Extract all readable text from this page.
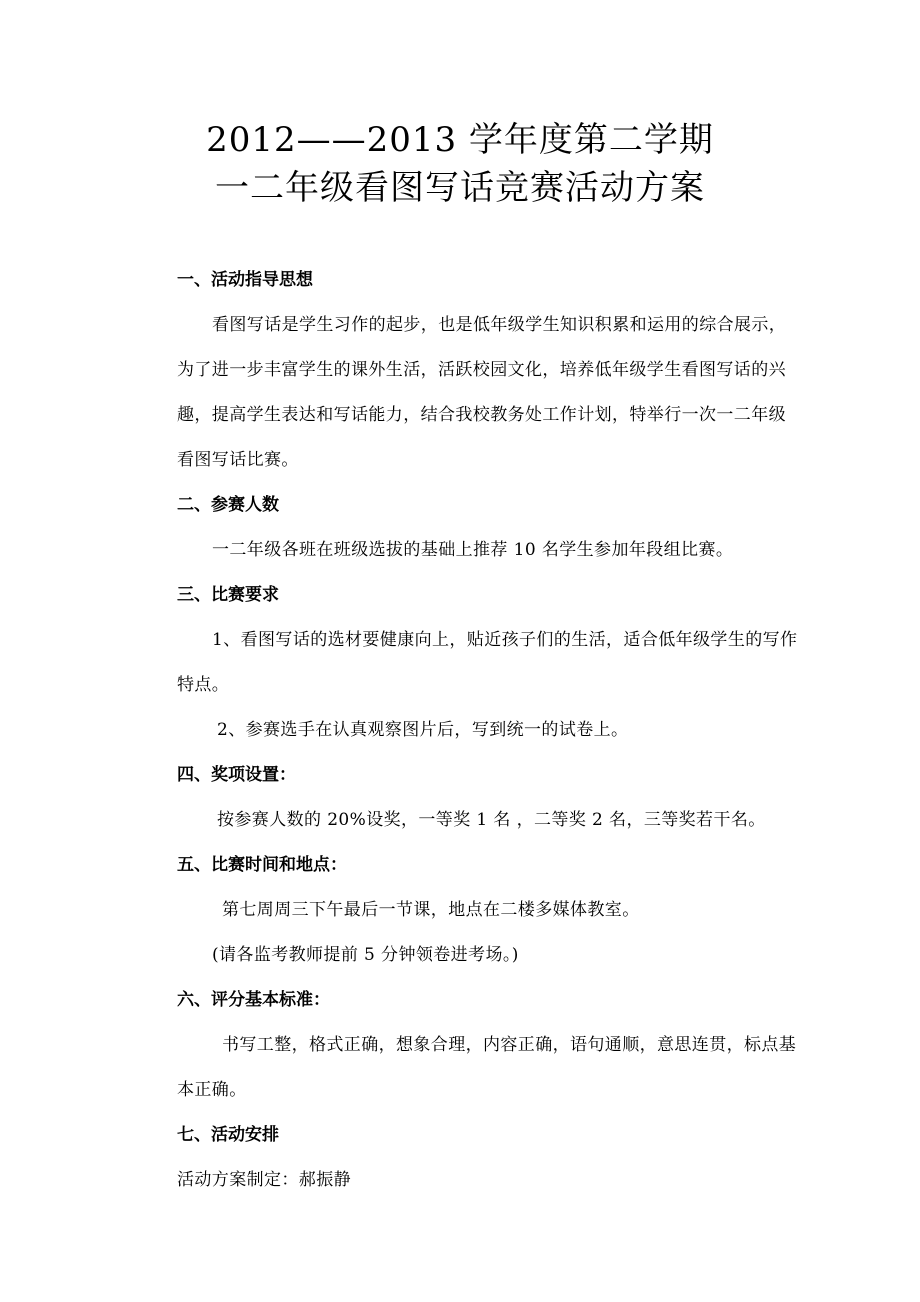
2012——2013 学年度第二学期
一二年级看图写话竞赛活动方案
一、活动指导思想
看图写话是学生习作的起步，也是低年级学生知识积累和运用的综合展示，
为了进一步丰富学生的课外生活，活跃校园文化，培养低年级学生看图写话的兴
趣，提高学生表达和写话能力，结合我校教务处工作计划，特举行一次一二年级
看图写话比赛。
二、参赛人数
一二年级各班在班级选拔的基础上推荐 10 名学生参加年段组比赛。
三、比赛要求
1、看图写话的选材要健康向上，贴近孩子们的生活，适合低年级学生的写作
特点。
2、参赛选手在认真观察图片后，写到统一的试卷上。
四、奖项设置：
按参赛人数的 20%设奖，一等奖 1 名 ，二等奖 2 名，三等奖若干名。
五、比赛时间和地点：
第七周周三下午最后一节课，地点在二楼多媒体教室。
(请各监考教师提前 5 分钟领卷进考场。)
六、评分基本标准：
书写工整，格式正确，想象合理，内容正确，语句通顺，意思连贯，标点基
本正确。
七、活动安排
活动方案制定：郝振静
